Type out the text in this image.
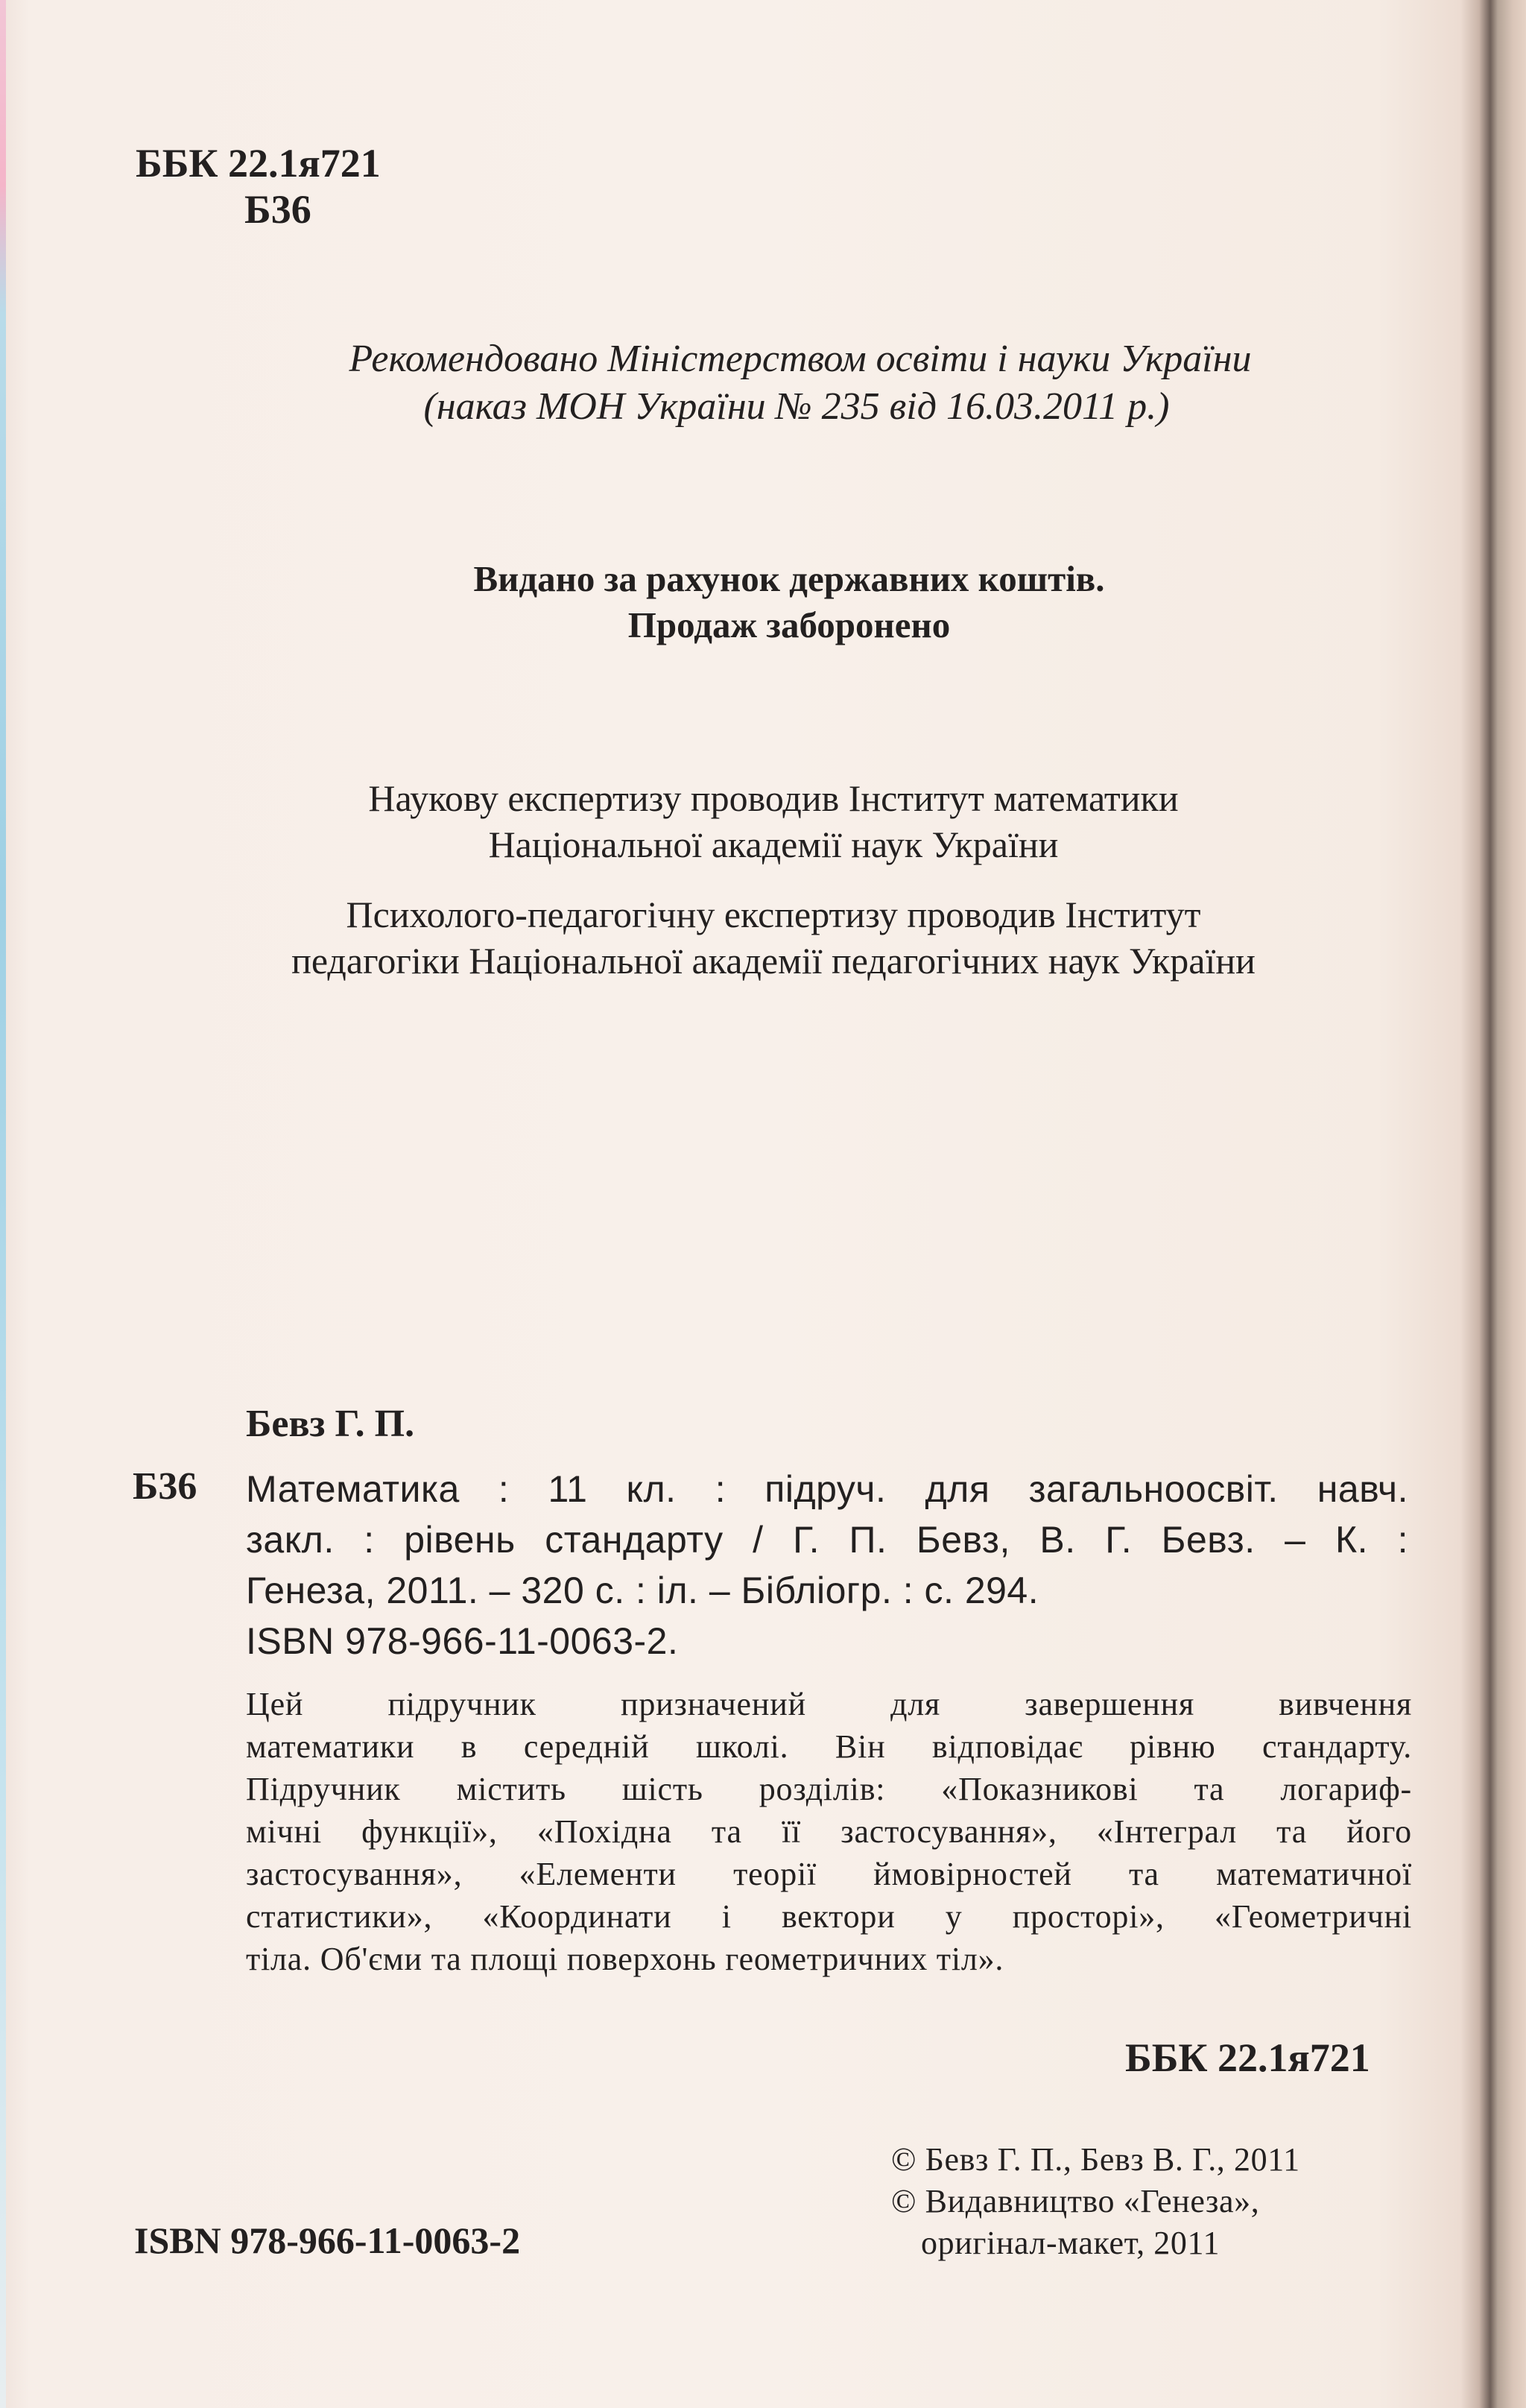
ББК 22.1я721
Б36
Рекомендовано Міністерством освіти і науки України
(наказ МОН України № 235 від 16.03.2011 р.)
Видано за рахунок державних коштів.
Продаж заборонено
Наукову експертизу проводив Інститут математики
Національної академії наук України
Психолого-педагогічну експертизу проводив Інститут
педагогіки Національної академії педагогічних наук України
Бевз Г. П.
Б36 Математика : 11 кл. : підруч. для загальноосвіт. навч.
закл. : рівень стандарту / Г. П. Бевз, В. Г. Бевз. – К. :
Генеза, 2011. – 320 с. : іл. – Бібліогр. : с. 294.
ISBN 978-966-11-0063-2.
Цей підручник призначений для завершення вивчення
математики в середній школі. Він відповідає рівню стандарту.
Підручник містить шість розділів: «Показникові та логариф-
мічні функції», «Похідна та її застосування», «Інтеграл та його
застосування», «Елементи теорії ймовірностей та математичної
статистики», «Координати і вектори у просторі», «Геометричні
тіла. Об'єми та площі поверхонь геометричних тіл».
ББК 22.1я721
© Бевз Г. П., Бевз В. Г., 2011
© Видавництво «Генеза»,
оригінал-макет, 2011
ISBN 978-966-11-0063-2
